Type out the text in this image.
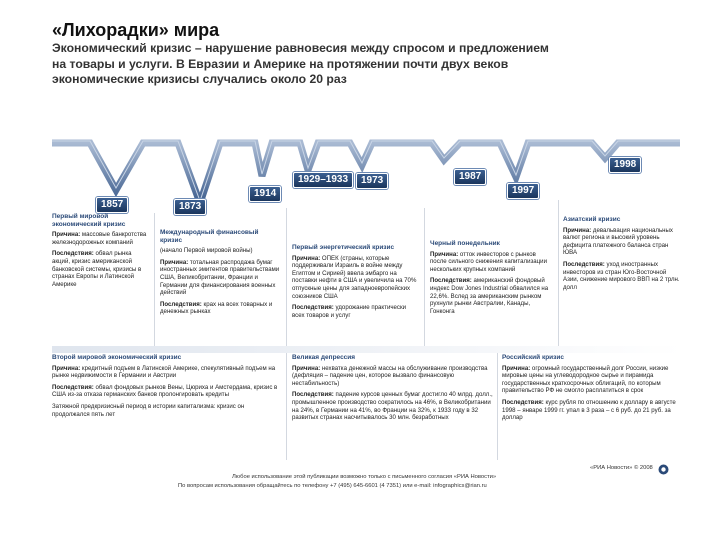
«Лихорадки» мира
Экономический кризис – нарушение равновесия между спросом и предложением
на товары и услуги. В Евразии и Америке на протяжении почти двух веков
экономические кризисы случались около 20 раз
1857	1873
1914
1929–1933	1973	1987
1997
1998
Первый мировой экономический кризис

Причина: массовые банкротства железнодорожных компаний

Последствия: обвал рынка акций, кризис американской банковской системы, кризисы в странах Европы и Латинской Америке

Международный финансовый кризис

(начало Первой мировой войны)

Причина: тотальная распродажа бумаг иностранных эмитентов правительствами США, Великобритании, Франции и Германии для финансирования военных действий

Последствия: крах на всех товарных и денежных рынках

Первый энергетический кризис

Причина: ОПЕК (страны, которые поддерживали Израиль в войне между Египтом и Сирией) ввела эмбарго на поставки нефти в США и увеличила на 70% отпускные цены для западноевропейских союзников США

Последствия: удорожание практически всех товаров и услуг

Черный понедельник

Причина: отток инвесторов с рынков после сильного снижения капитализации нескольких крупных компаний

Последствия: американский фондовый индекс Dow Jones Industrial обвалился на 22,6%. Вслед за американским рынком рухнули рынки Австралии, Канады, Гонконга

Азиатский кризис

Причина: девальвация национальных валют региона и высокий уровень дефицита платежного баланса стран ЮВА

Последствия: уход иностранных инвесторов из стран Юго-Восточной Азии, снижение мирового ВВП на 2 трлн. долл

Второй мировой экономический кризис

Причина: кредитный подъем в Латинской Америке, спекулятивный подъем на рынке недвижимости в Германии и Австрии

Последствия: обвал фондовых рынков Вены, Цюриха и Амстердама, кризис в США из-за отказа германских банков пролонгировать кредиты

Затяжной предкризисный период в истории капитализма: кризис он продолжался пять лет

Великая депрессия

Причина: нехватка денежной массы на обслуживание производства (дефляция – падение цен, которое вызвало финансовую нестабильность)

Последствия: падение курсов ценных бумаг достигло 40 млрд. долл., промышленное производство сократилось на 46%, в Великобритании на 24%, в Германии на 41%, во Франции на 32%, к 1933 году в 32 развитых странах насчитывалось 30 млн. безработных

Российский кризис

Причина: огромный государственный долг России, низкие мировые цены на углеводородное сырье и пирамида государственных краткосрочных облигаций, по которым правительство РФ не смогло расплатиться в срок

Последствия: курс рубля по отношению к доллару в августе 1998 – январе 1999 гг. упал в 3 раза – с 6 руб. до 21 руб. за доллар

«РИА Новости» © 2008
Любое использование этой публикации возможно только с письменного согласия «РИА Новости»
По вопросам использования обращайтесь по телефону +7 (495) 645-6601 (4 7351) или e-mail: infographics@rian.ru
